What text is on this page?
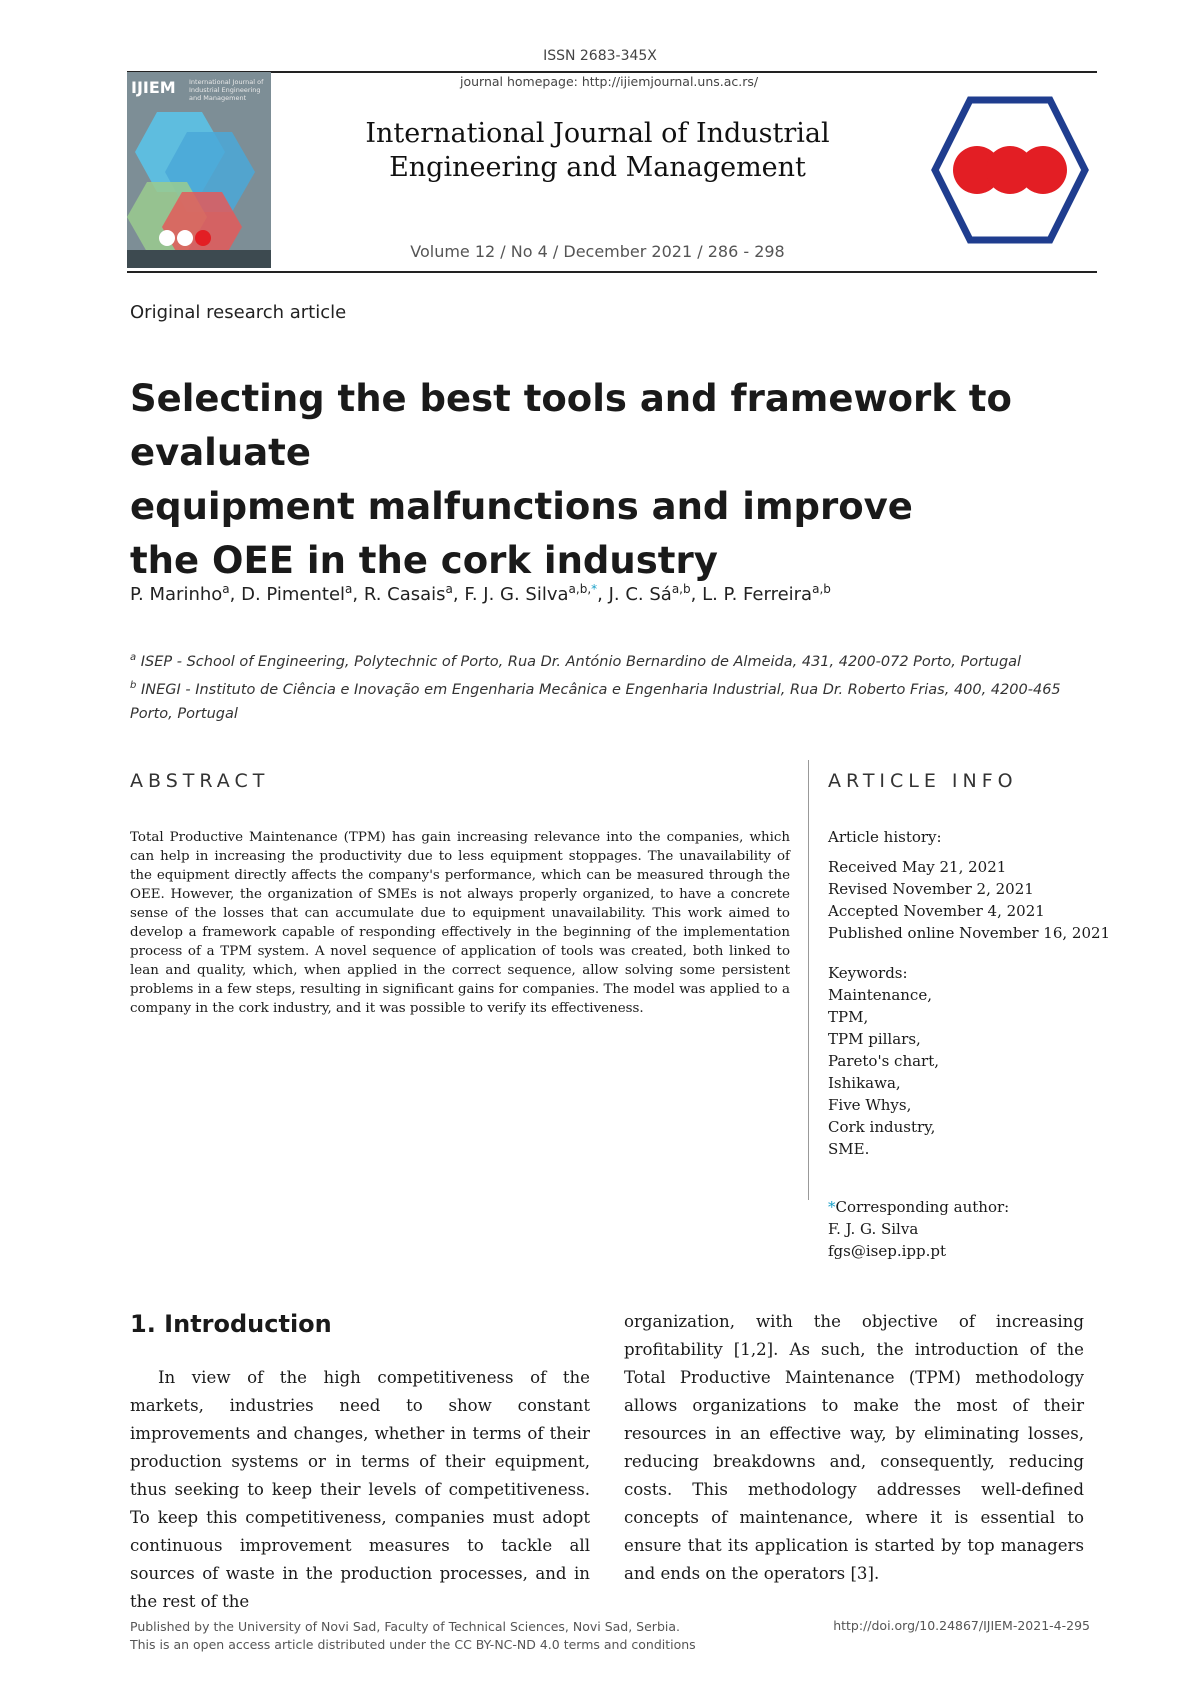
ISSN 2683-345X
journal homepage: http://ijiemjournal.uns.ac.rs/
IJIEM International Journal of Industrial Engineering and Management
International Journal of Industrial
Engineering and Management
Volume 12 / No 4 / December 2021 / 286 - 298
Original research article
Selecting the best tools and framework to evaluate
equipment malfunctions and improve
the OEE in the cork industry
P. Marinho$^a$, D. Pimentel$^a$, R. Casais$^a$, F. J. G. Silva$^{a,b,*}$, J. C. Sá$^{a,b}$, L. P. Ferreira$^{a,b}$
$^a$ ISEP - School of Engineering, Polytechnic of Porto, Rua Dr. António Bernardino de Almeida, 431, 4200-072 Porto, Portugal
$^b$ INEGI - Instituto de Ciência e Inovação em Engenharia Mecânica e Engenharia Industrial, Rua Dr. Roberto Frias, 400, 4200-465 Porto, Portugal
ABSTRACT	ARTICLE INFO
Total Productive Maintenance (TPM) has gain increasing relevance into the companies, which can help in increasing the productivity due to less equipment stoppages. The unavailability of the equipment directly affects the company's performance, which can be measured through the OEE. However, the organization of SMEs is not always properly organized, to have a concrete sense of the losses that can accumulate due to equipment unavailability. This work aimed to develop a framework capable of responding effectively in the beginning of the implementation process of a TPM system. A novel sequence of application of tools was created, both linked to lean and quality, which, when applied in the correct sequence, allow solving some persistent problems in a few steps, resulting in significant gains for companies. The model was applied to a company in the cork industry, and it was possible to verify its effectiveness.
Article history:
Received May 21, 2021
Revised November 2, 2021
Accepted November 4, 2021
Published online November 16, 2021
Keywords:
Maintenance,
TPM,
TPM pillars,
Pareto's chart,
Ishikawa,
Five Whys,
Cork industry,
SME.
*Corresponding author:
F. J. G. Silva
fgs@isep.ipp.pt
1. Introduction
In view of the high competitiveness of the markets, industries need to show constant improvements and changes, whether in terms of their production systems or in terms of their equipment, thus seeking to keep their levels of competitiveness. To keep this competitiveness, companies must adopt continuous improvement measures to tackle all sources of waste in the production processes, and in the rest of the
organization, with the objective of increasing profitability [1,2]. As such, the introduction of the Total Productive Maintenance (TPM) methodology allows organizations to make the most of their resources in an effective way, by eliminating losses, reducing breakdowns and, consequently, reducing costs. This methodology addresses well-defined concepts of maintenance, where it is essential to ensure that its application is started by top managers and ends on the operators [3].
Published by the University of Novi Sad, Faculty of Technical Sciences, Novi Sad, Serbia.
This is an open access article distributed under the CC BY-NC-ND 4.0 terms and conditions
http://doi.org/10.24867/IJIEM-2021-4-295
